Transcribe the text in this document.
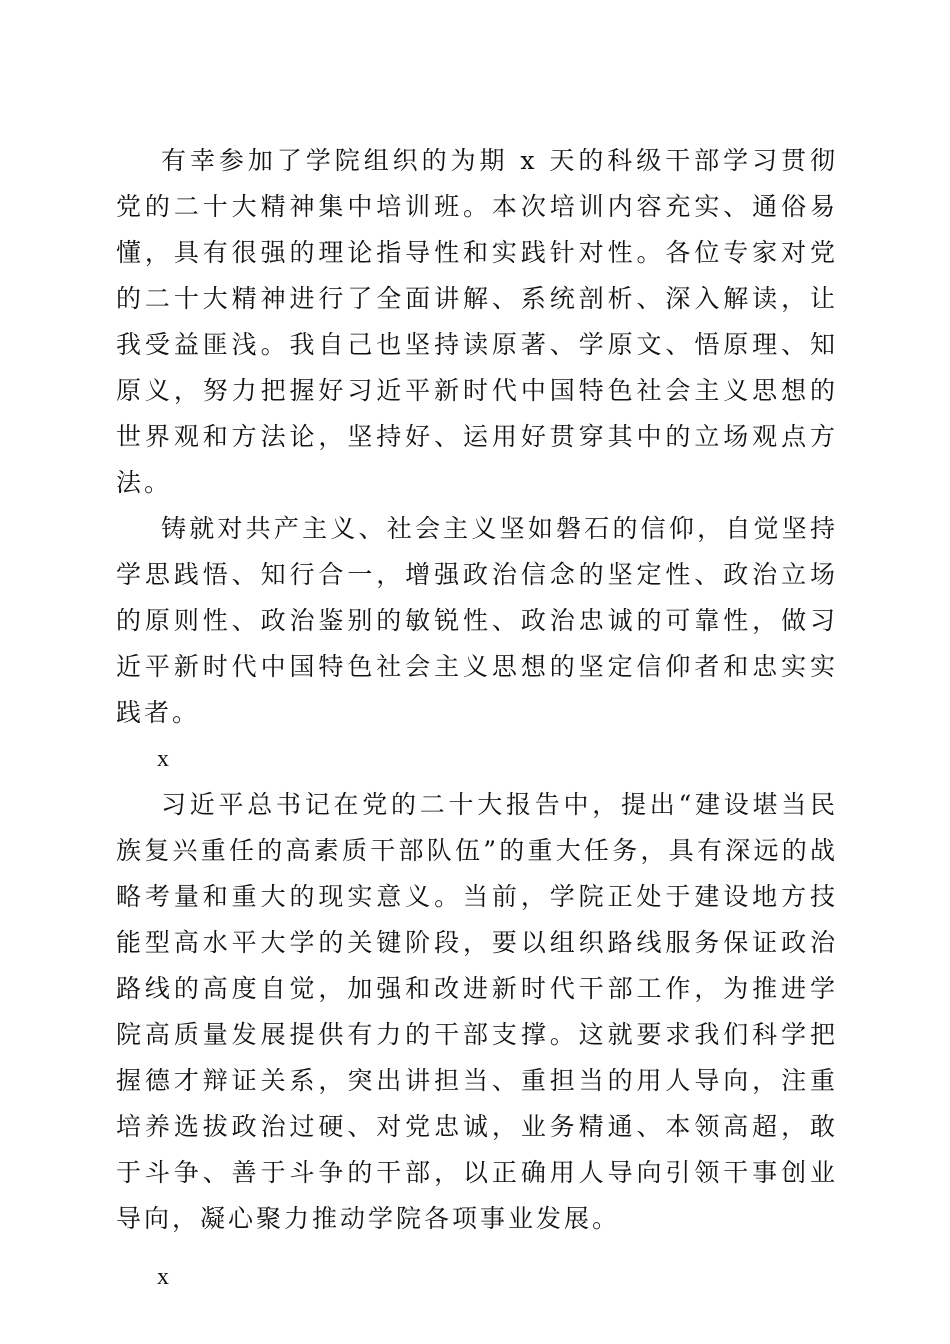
有幸参加了学院组织的为期 x 天的科级干部学习贯彻党的二十大精神集中培训班。本次培训内容充实、通俗易懂，具有很强的理论指导性和实践针对性。各位专家对党的二十大精神进行了全面讲解、系统剖析、深入解读，让我受益匪浅。我自己也坚持读原著、学原文、悟原理、知原义，努力把握好习近平新时代中国特色社会主义思想的世界观和方法论，坚持好、运用好贯穿其中的立场观点方法。

铸就对共产主义、社会主义坚如磐石的信仰，自觉坚持学思践悟、知行合一，增强政治信念的坚定性、政治立场的原则性、政治鉴别的敏锐性、政治忠诚的可靠性，做习近平新时代中国特色社会主义思想的坚定信仰者和忠实实践者。

x

习近平总书记在党的二十大报告中，提出“建设堪当民族复兴重任的高素质干部队伍”的重大任务，具有深远的战略考量和重大的现实意义。当前，学院正处于建设地方技能型高水平大学的关键阶段，要以组织路线服务保证政治路线的高度自觉，加强和改进新时代干部工作，为推进学院高质量发展提供有力的干部支撑。这就要求我们科学把握德才辩证关系，突出讲担当、重担当的用人导向，注重培养选拔政治过硬、对党忠诚，业务精通、本领高超，敢于斗争、善于斗争的干部，以正确用人导向引领干事创业导向，凝心聚力推动学院各项事业发展。

x
